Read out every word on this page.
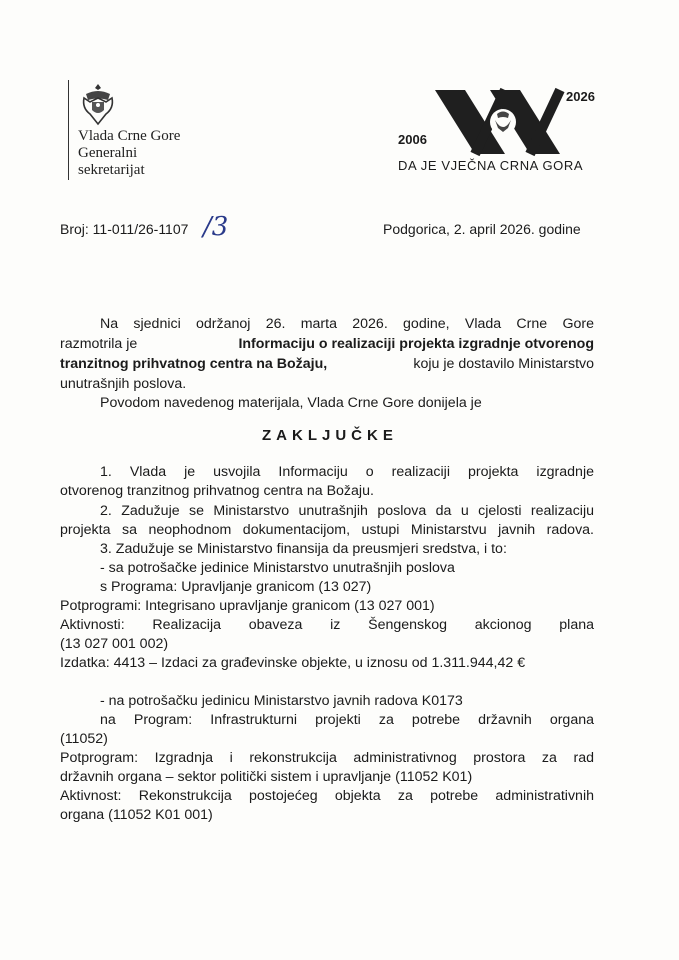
Vlada Crne Gore
Generalni
sekretarijat
2026
2006
DA JE VJEČNA CRNA GORA
Broj: 11-011/26-1107 /3	Podgorica, 2. april 2026. godine
Na sjednici održanoj 26. marta 2026. godine, Vlada Crne Gore
razmotrila je	Informaciju o realizaciji projekta izgradnje otvorenog
tranzitnog prihvatnog centra na Božaju,	koju je dostavilo Ministarstvo
unutrašnjih poslova.
Povodom navedenog materijala, Vlada Crne Gore donijela je
ZAKLJUČKE
1. Vlada je usvojila Informaciju o realizaciji projekta izgradnje
otvorenog tranzitnog prihvatnog centra na Božaju.
2. Zadužuje se Ministarstvo unutrašnjih poslova da u cjelosti realizaciju
projekta sa neophodnom dokumentacijom, ustupi Ministarstvu javnih radova.
3. Zadužuje se Ministarstvo finansija da preusmjeri sredstva, i to:
- sa potrošačke jedinice Ministarstvo unutrašnjih poslova
s Programa: Upravljanje granicom (13 027)
Potprogrami: Integrisano upravljanje granicom (13 027 001)
Aktivnosti: Realizacija obaveza iz Šengenskog akcionog plana
(13 027 001 002)
Izdatka: 4413 – Izdaci za građevinske objekte, u iznosu od 1.311.944,42 €
- na potrošačku jedinicu Ministarstvo javnih radova K0173
na Program: Infrastrukturni projekti za potrebe državnih organa
(11052)
Potprogram: Izgradnja i rekonstrukcija administrativnog prostora za rad
državnih organa – sektor politički sistem i upravljanje (11052 K01)
Aktivnost: Rekonstrukcija postojećeg objekta za potrebe administrativnih
organa (11052 K01 001)
